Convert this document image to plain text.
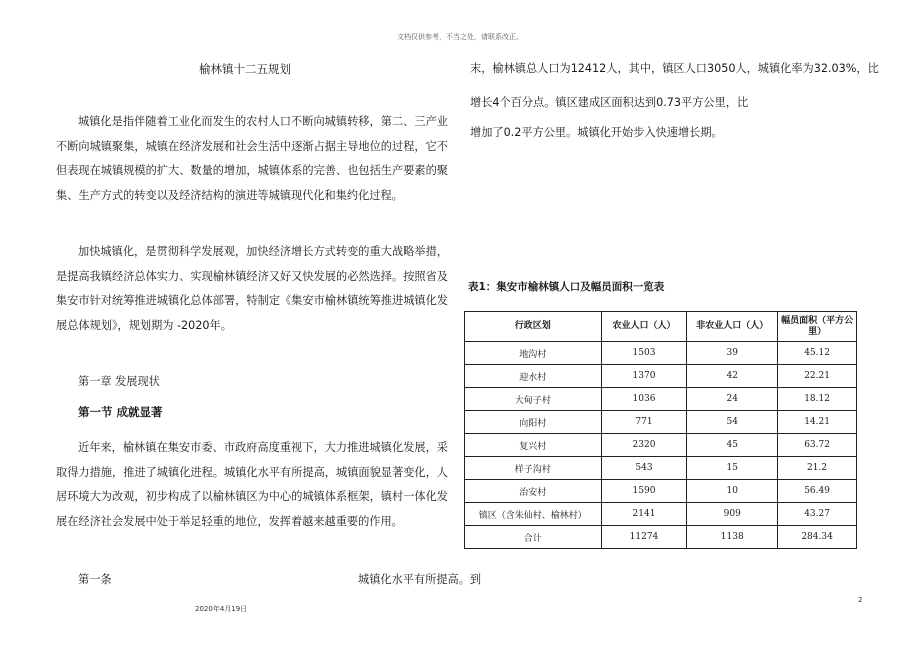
文档仅供参考，不当之处，请联系改正。
榆林镇十二五规划

城镇化是指伴随着工业化而发生的农村人口不断向城镇转移，第二、三产业不断向城镇聚集，城镇在经济发展和社会生活中逐渐占据主导地位的过程，它不但表现在城镇规模的扩大、数量的增加，城镇体系的完善、也包括生产要素的聚集、生产方式的转变以及经济结构的演进等城镇现代化和集约化过程。

加快城镇化，是贯彻科学发展观，加快经济增长方式转变的重大战略举措，是提高我镇经济总体实力、实现榆林镇经济又好又快发展的必然选择。按照省及集安市针对统筹推进城镇化总体部署，特制定《集安市榆林镇统筹推进城镇化发展总体规划》，规划期为 -2020年。

第一章 发展现状
第一节 成就显著

近年来，榆林镇在集安市委、市政府高度重视下，大力推进城镇化发展，采取得力措施，推进了城镇化进程。城镇化水平有所提高，城镇面貌显著变化，人居环境大为改观，初步构成了以榆林镇区为中心的城镇体系框架，镇村一体化发展在经济社会发展中处于举足轻重的地位，发挥着越来越重要的作用。

第一条	城镇化水平有所提高。到
末，榆林镇总人口为12412人，其中，镇区人口3050人，城镇化率为32.03%，比
增长4个百分点。镇区建成区面积达到0.73平方公里，比
增加了0.2平方公里。城镇化开始步入快速增长期。
表1：集安市榆林镇人口及幅员面积一览表
行政区划	农业人口（人）	非农业人口（人）	幅员面积（平方公里）
地沟村	1503	39	45.12
迎水村	1370	42	22.21
大甸子村	1036	24	18.12
向阳村	771	54	14.21
复兴村	2320	45	63.72
样子沟村	543	15	21.2
治安村	1590	10	56.49
镇区（含朱仙村、榆林村）	2141	909	43.27
合计	11274	1138	284.34
2020年4月19日
2
